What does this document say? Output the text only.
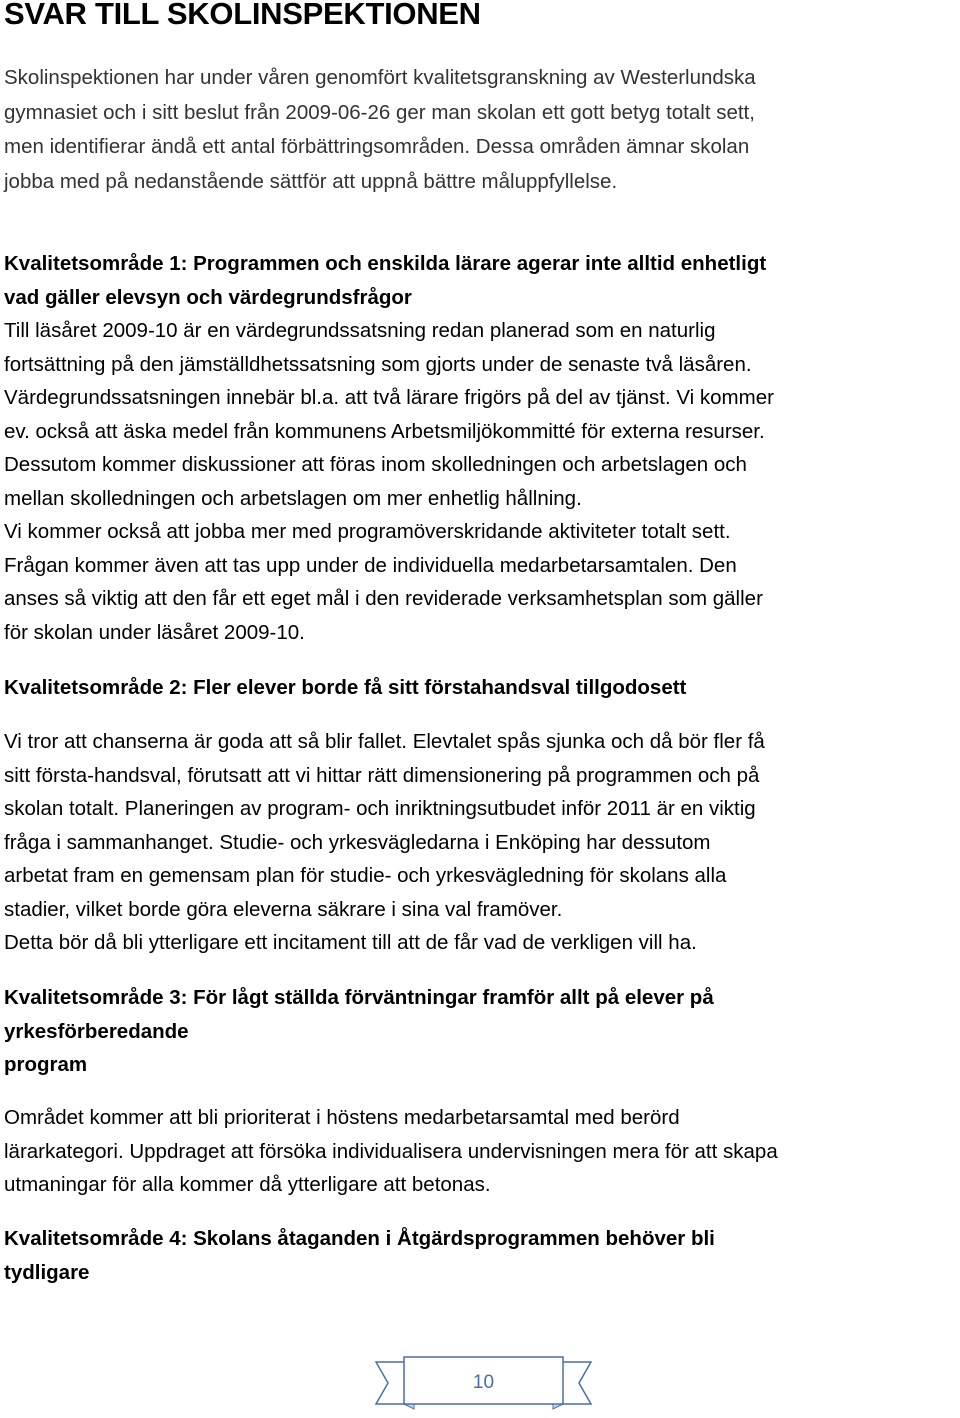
SVAR TILL SKOLINSPEKTIONEN

Skolinspektionen har under våren genomfört kvalitetsgranskning av Westerlundska
gymnasiet och i sitt beslut från 2009-06-26 ger man skolan ett gott betyg totalt sett,
men identifierar ändå ett antal förbättringsområden. Dessa områden ämnar skolan
jobba med på nedanstående sättför att uppnå bättre måluppfyllelse.

Kvalitetsområde 1: Programmen och enskilda lärare agerar inte alltid enhetligt
vad gäller elevsyn och värdegrundsfrågor

Till läsåret 2009-10 är en värdegrundssatsning redan planerad som en naturlig
fortsättning på den jämställdhetssatsning som gjorts under de senaste två läsåren.
Värdegrundssatsningen innebär bl.a. att två lärare frigörs på del av tjänst. Vi kommer
ev. också att äska medel från kommunens Arbetsmiljökommitté för externa resurser.
Dessutom kommer diskussioner att föras inom skolledningen och arbetslagen och
mellan skolledningen och arbetslagen om mer enhetlig hållning.
Vi kommer också att jobba mer med programöverskridande aktiviteter totalt sett.
Frågan kommer även att tas upp under de individuella medarbetarsamtalen. Den
anses så viktig att den får ett eget mål i den reviderade verksamhetsplan som gäller
för skolan under läsåret 2009-10.

Kvalitetsområde 2: Fler elever borde få sitt förstahandsval tillgodosett

Vi tror att chanserna är goda att så blir fallet. Elevtalet spås sjunka och då bör fler få
sitt första-handsval, förutsatt att vi hittar rätt dimensionering på programmen och på
skolan totalt. Planeringen av program- och inriktningsutbudet inför 2011 är en viktig
fråga i sammanhanget. Studie- och yrkesvägledarna i Enköping har dessutom
arbetat fram en gemensam plan för studie- och yrkesvägledning för skolans alla
stadier, vilket borde göra eleverna säkrare i sina val framöver.
Detta bör då bli ytterligare ett incitament till att de får vad de verkligen vill ha.

Kvalitetsområde 3: För lågt ställda förväntningar framför allt på elever på
yrkesförberedande
program

Området kommer att bli prioriterat i höstens medarbetarsamtal med berörd
lärarkategori. Uppdraget att försöka individualisera undervisningen mera för att skapa
utmaningar för alla kommer då ytterligare att betonas.

Kvalitetsområde 4: Skolans åtaganden i Åtgärdsprogrammen behöver bli
tydligare

10
